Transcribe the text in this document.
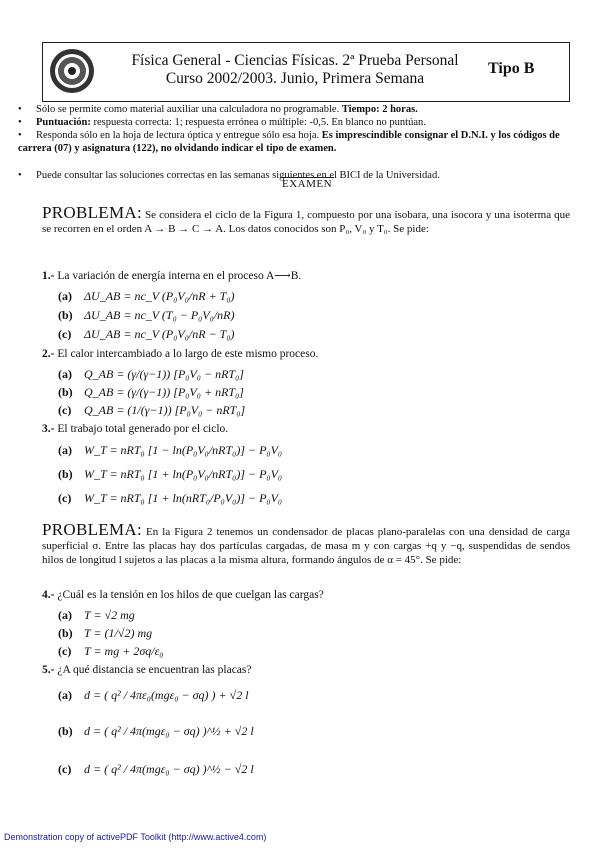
Física General - Ciencias Físicas. 2ª Prueba Personal
Curso 2002/2003. Junio, Primera Semana
Tipo B
• Sólo se permite como material auxiliar una calculadora no programable. Tiempo: 2 horas.
• Puntuación: respuesta correcta: 1; respuesta errónea o múltiple: -0,5. En blanco no puntúan.
•	Responda sólo en la hoja de lectura óptica y entregue sólo esa hoja. Es imprescindible consignar el D.N.I. y los códigos de carrera (07) y asignatura (122), no olvidando indicar el tipo de examen.
• Puede consultar las soluciones correctas en las semanas siguientes en el BICI de la Universidad.
EXAMEN
PROBLEMA: Se considera el ciclo de la Figura 1, compuesto por una isobara, una isocora y una isoterma que se recorren en el orden A → B → C → A. Los datos conocidos son P₀, V₀ y T₀. Se pide:
1.- La variación de energía interna en el proceso A⟶B.
(a) ΔU_AB = nc_V (P₀V₀/nR + T₀)
(b) ΔU_AB = nc_V (T₀ − P₀V₀/nR)
(c) ΔU_AB = nc_V (P₀V₀/nR − T₀)
2.- El calor intercambiado a lo largo de este mismo proceso.
(a) Q_AB = (γ/(γ−1)) [P₀V₀ − nRT₀]
(b) Q_AB = (γ/(γ−1)) [P₀V₀ + nRT₀]
(c) Q_AB = (1/(γ−1)) [P₀V₀ − nRT₀]
3.- El trabajo total generado por el ciclo.
(a) W_T = nRT₀ [1 − ln(P₀V₀/nRT₀)] − P₀V₀
(b) W_T = nRT₀ [1 + ln(P₀V₀/nRT₀)] − P₀V₀
(c) W_T = nRT₀ [1 + ln(nRT₀/P₀V₀)] − P₀V₀
PROBLEMA: En la Figura 2 tenemos un condensador de placas plano-paralelas con una densidad de carga superficial σ. Entre las placas hay dos partículas cargadas, de masa m y con cargas +q y −q, suspendidas de sendos hilos de longitud l sujetos a las placas a la misma altura, formando ángulos de α = 45°. Se pide:
4.- ¿Cuál es la tensión en los hilos de que cuelgan las cargas?
(a) T = √2 mg
(b) T = (1/√2) mg
(c) T = mg + 2σq/ε₀
5.- ¿A qué distancia se encuentran las placas?
(a) d = ( q² / 4πε₀(mgε₀ − σq) ) + √2 l
(b) d = ( q² / 4π(mgε₀ − σq) )^½ + √2 l
(c) d = ( q² / 4π(mgε₀ − σq) )^½ − √2 l
Demonstration copy of activePDF Toolkit (http://www.active4.com)
